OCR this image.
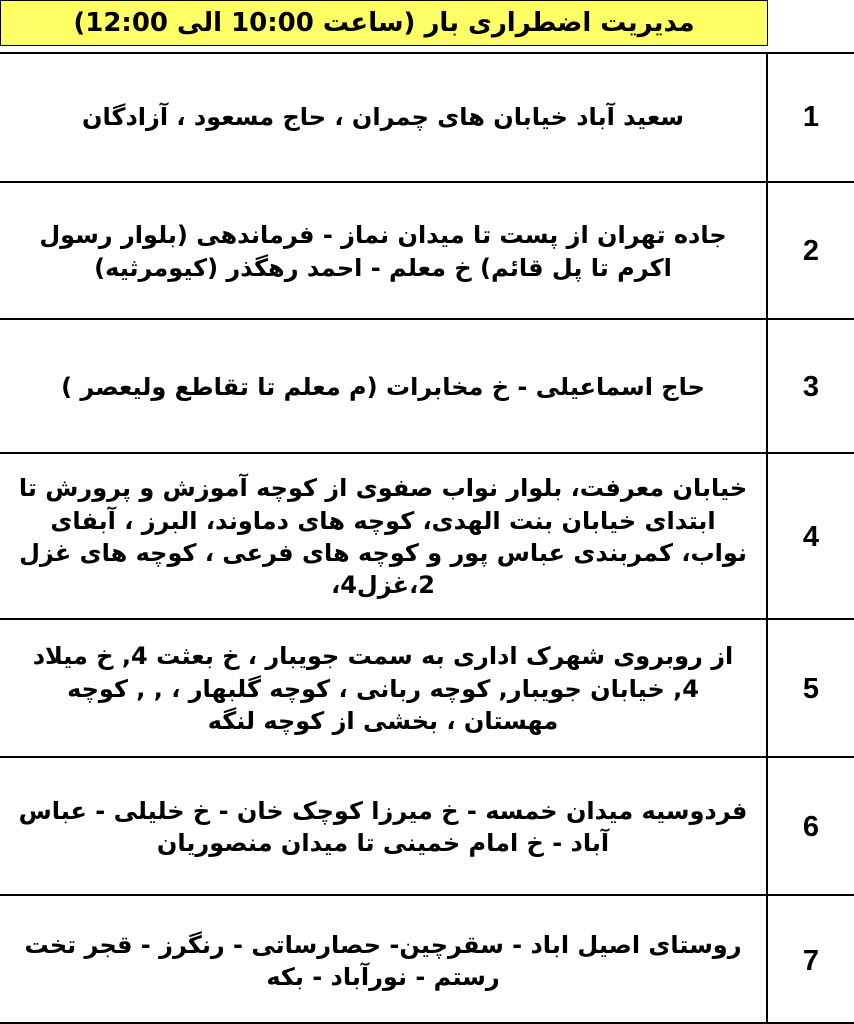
مدیریت اضطراری بار (ساعت 10:00 الی 12:00)
سعید آباد خیابان های چمران ، حاج مسعود ، آزادگان	1
جاده تهران از پست تا میدان نماز - فرماندهی (بلوار رسول اکرم تا پل قائم) خ معلم - احمد رهگذر (کیومرثیه)
2
حاج اسماعیلی - خ مخابرات (م معلم تا تقاطع ولیعصر )	3
خیابان معرفت، بلوار نواب صفوی از کوچه آموزش و پرورش تا ابتدای خیابان بنت الهدی، کوچه های دماوند، البرز ، آبفای نواب، کمربندی عباس پور و کوچه های فرعی ، کوچه های غزل 2،غزل4،
4
از روبروی شهرک اداری به سمت جویبار ، خ بعثت 4, خ میلاد 4, خیابان جویبار, کوچه ربانی ، کوچه گلبهار ، , , کوچه مهستان ، بخشی از کوچه لنگه
5
فردوسیه میدان خمسه - خ میرزا کوچک خان - خ خلیلی - عباس آباد - خ امام خمینی تا میدان منصوریان
6
روستای اصیل اباد - سقرچین- حصارساتی - رنگرز - قجر تخت رستم - نورآباد - بکه
7
